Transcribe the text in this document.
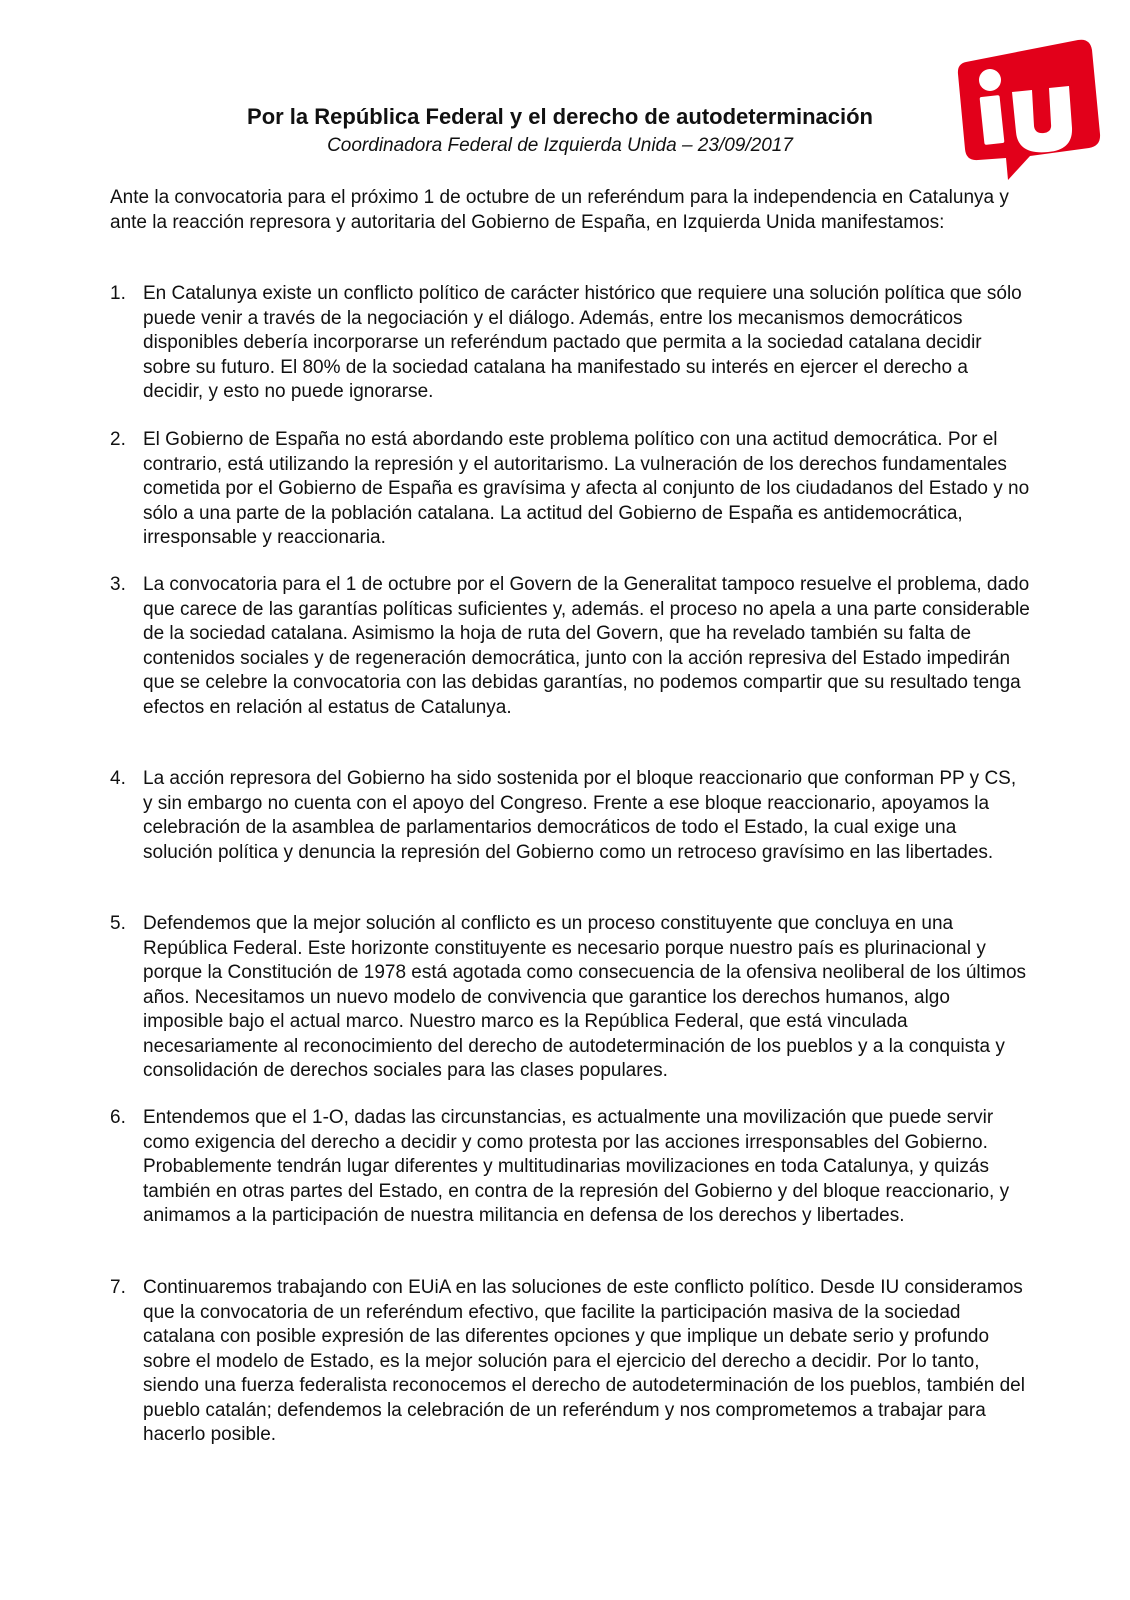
Por la República Federal y el derecho de autodeterminación

Coordinadora Federal de Izquierda Unida – 23/09/2017

Ante la convocatoria para el próximo 1 de octubre de un referéndum para la independencia en Catalunya y ante la reacción represora y autoritaria del Gobierno de España, en Izquierda Unida manifestamos:

1. En Catalunya existe un conflicto político de carácter histórico que requiere una solución política que sólo puede venir a través de la negociación y el diálogo. Además, entre los mecanismos democráticos disponibles debería incorporarse un referéndum pactado que permita a la sociedad catalana decidir sobre su futuro. El 80% de la sociedad catalana ha manifestado su interés en ejercer el derecho a decidir, y esto no puede ignorarse.
2. El Gobierno de España no está abordando este problema político con una actitud democrática. Por el contrario, está utilizando la represión y el autoritarismo. La vulneración de los derechos fundamentales cometida por el Gobierno de España es gravísima y afecta al conjunto de los ciudadanos del Estado y no sólo a una parte de la población catalana. La actitud del Gobierno de España es antidemocrática, irresponsable y reaccionaria.
3. La convocatoria para el 1 de octubre por el Govern de la Generalitat tampoco resuelve el problema, dado que carece de las garantías políticas suficientes y, además. el proceso no apela a una parte considerable de la sociedad catalana. Asimismo la hoja de ruta del Govern, que ha revelado también su falta de contenidos sociales y de regeneración democrática, junto con la acción represiva del Estado impedirán que se celebre la convocatoria con las debidas garantías, no podemos compartir que su resultado tenga efectos en relación al estatus de Catalunya.
4. La acción represora del Gobierno ha sido sostenida por el bloque reaccionario que conforman PP y CS, y sin embargo no cuenta con el apoyo del Congreso. Frente a ese bloque reaccionario, apoyamos la celebración de la asamblea de parlamentarios democráticos de todo el Estado, la cual exige una solución política y denuncia la represión del Gobierno como un retroceso gravísimo en las libertades.
5. Defendemos que la mejor solución al conflicto es un proceso constituyente que concluya en una República Federal. Este horizonte constituyente es necesario porque nuestro país es plurinacional y porque la Constitución de 1978 está agotada como consecuencia de la ofensiva neoliberal de los últimos años. Necesitamos un nuevo modelo de convivencia que garantice los derechos humanos, algo imposible bajo el actual marco. Nuestro marco es la República Federal, que está vinculada necesariamente al reconocimiento del derecho de autodeterminación de los pueblos y a la conquista y consolidación de derechos sociales para las clases populares.
6. Entendemos que el 1-O, dadas las circunstancias, es actualmente una movilización que puede servir como exigencia del derecho a decidir y como protesta por las acciones irresponsables del Gobierno. Probablemente tendrán lugar diferentes y multitudinarias movilizaciones en toda Catalunya, y quizás también en otras partes del Estado, en contra de la represión del Gobierno y del bloque reaccionario, y animamos a la participación de nuestra militancia en defensa de los derechos y libertades.
7. Continuaremos trabajando con EUiA en las soluciones de este conflicto político. Desde IU consideramos que la convocatoria de un referéndum efectivo, que facilite la participación masiva de la sociedad catalana con posible expresión de las diferentes opciones y que implique un debate serio y profundo sobre el modelo de Estado, es la mejor solución para el ejercicio del derecho a decidir. Por lo tanto, siendo una fuerza federalista reconocemos el derecho de autodeterminación de los pueblos, también del pueblo catalán; defendemos la celebración de un referéndum y nos comprometemos a trabajar para hacerlo posible.
